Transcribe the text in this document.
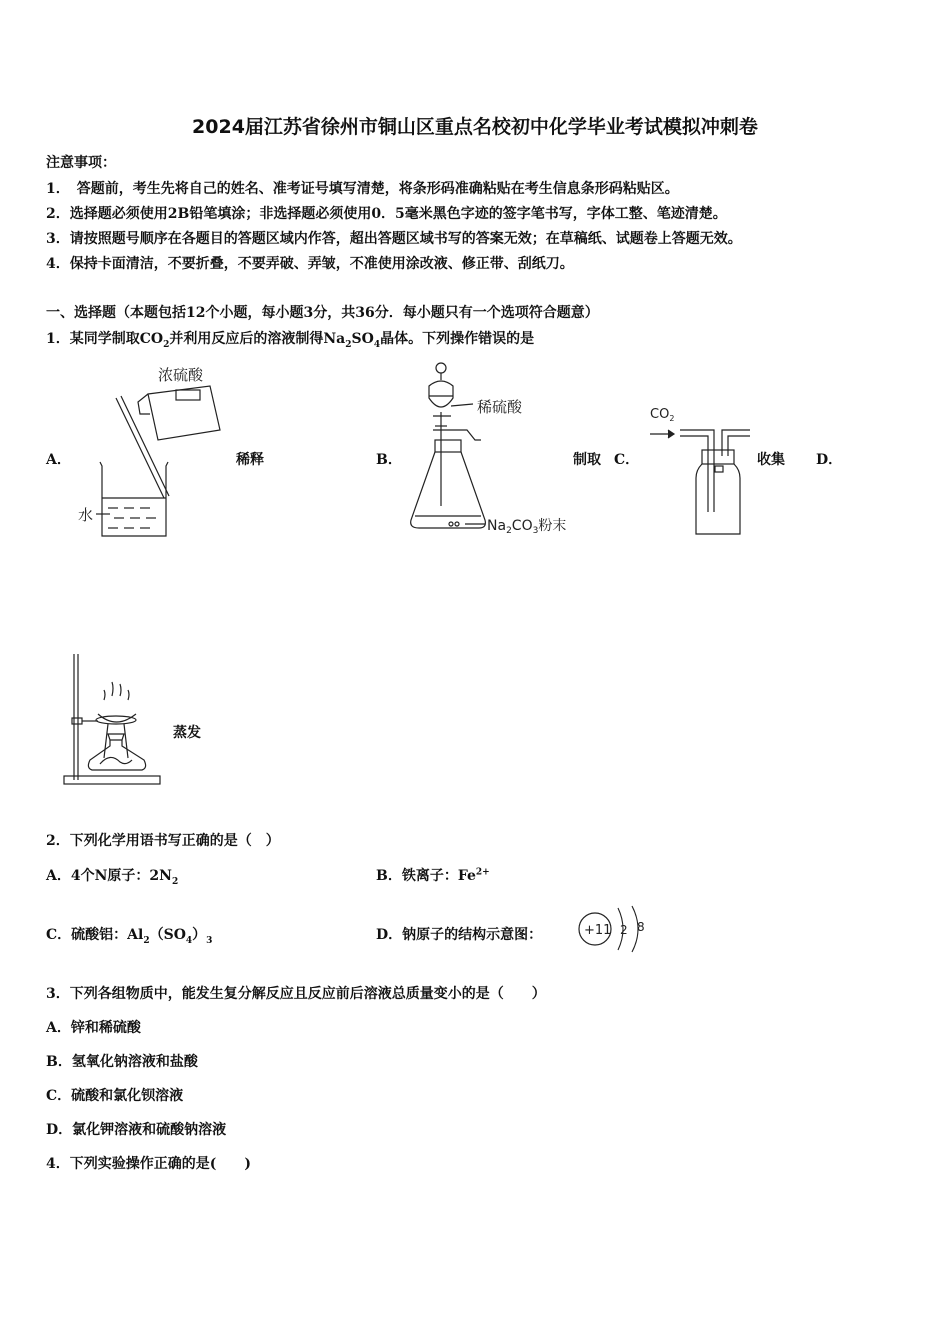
2024届江苏省徐州市铜山区重点名校初中化学毕业考试模拟冲刺卷
注意事项：
1．　答题前，考生先将自己的姓名、准考证号填写清楚，将条形码准确粘贴在考生信息条形码粘贴区。
2．选择题必须使用2B铅笔填涂；非选择题必须使用0．5毫米黑色字迹的签字笔书写，字体工整、笔迹清楚。
3．请按照题号顺序在各题目的答题区域内作答，超出答题区域书写的答案无效；在草稿纸、试题卷上答题无效。
4．保持卡面清洁，不要折叠，不要弄破、弄皱，不准使用涂改液、修正带、刮纸刀。
一、选择题（本题包括12个小题，每小题3分，共36分．每小题只有一个选项符合题意）
1．某同学制取$CO_2$并利用反应后的溶液制得$Na_2SO_4$晶体。下列操作错误的是
A．	稀释	B．	制取 C．	收集 D．
蒸发
浓硫酸
水
稀硫酸
$Na_2CO_3$粉末
$CO_2$
2．下列化学用语书写正确的是（　）
A．4个N原子：$2N_2$	B．铁离子：$Fe^{2+}$
C．硫酸铝：$Al_2(SO_4)_3$	D．钠原子的结构示意图：	+11 2 8
3．下列各组物质中，能发生复分解反应且反应前后溶液总质量变小的是（　　）
A．锌和稀硫酸
B．氢氧化钠溶液和盐酸
C．硫酸和氯化钡溶液
D．氯化钾溶液和硫酸钠溶液
4．下列实验操作正确的是(　　)
